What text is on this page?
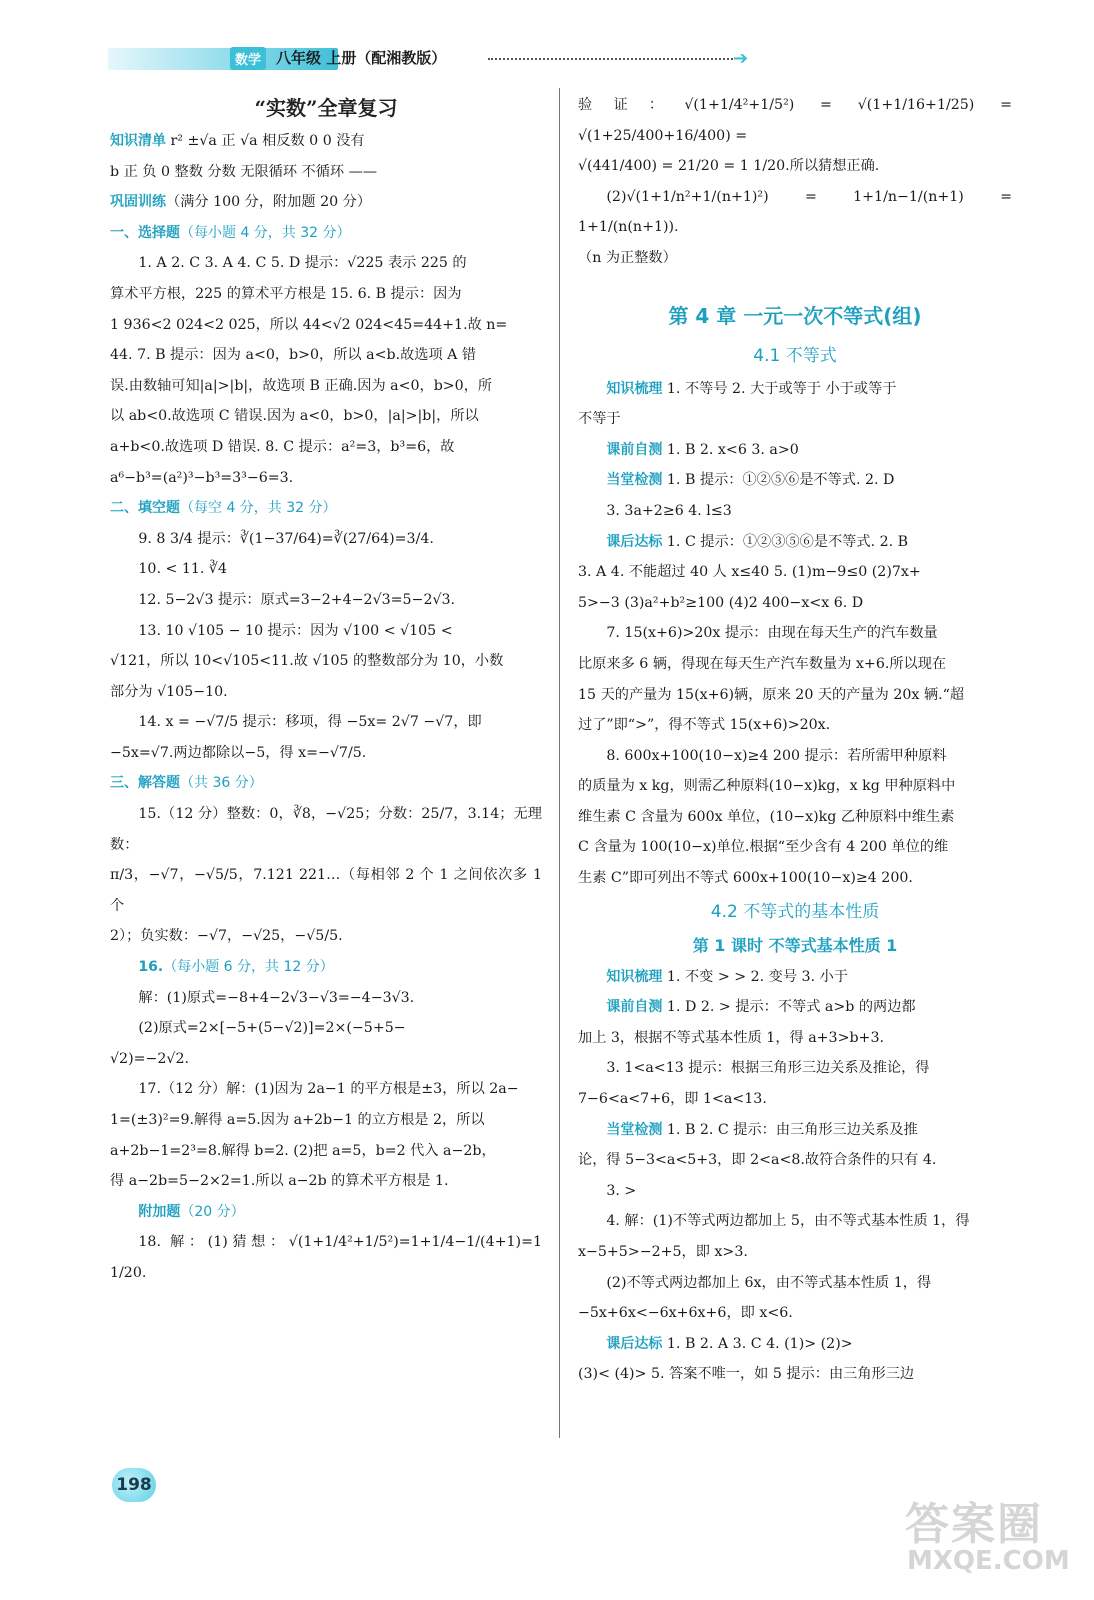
数学 八年级 上册（配湘教版）	➔
“实数”全章复习

知识清单 r² ±√a 正 √a 相反数 0 0 没有

b 正 负 0 整数 分数 无限循环 不循环 ——

巩固训练（满分 100 分，附加题 20 分）

一、选择题（每小题 4 分，共 32 分）

1. A 2. C 3. A 4. C 5. D 提示：√225 表示 225 的

算术平方根，225 的算术平方根是 15. 6. B 提示：因为

1 936<2 024<2 025，所以 44<√2 024<45=44+1.故 n=

44. 7. B 提示：因为 a<0，b>0，所以 a<b.故选项 A 错

误.由数轴可知|a|>|b|，故选项 B 正确.因为 a<0，b>0，所

以 ab<0.故选项 C 错误.因为 a<0，b>0，|a|>|b|，所以

a+b<0.故选项 D 错误. 8. C 提示：a²=3，b³=6，故

a⁶−b³=(a²)³−b³=3³−6=3.

二、填空题（每空 4 分，共 32 分）

9. 8 3/4 提示：∛(1−37/64)=∛(27/64)=3/4.

10. < 11. ∛4

12. 5−2√3 提示：原式=3−2+4−2√3=5−2√3.

13. 10 √105 − 10 提示：因为 √100 < √105 <

√121，所以 10<√105<11.故 √105 的整数部分为 10，小数

部分为 √105−10.

14. x = −√7/5 提示：移项，得 −5x= 2√7 −√7，即

−5x=√7.两边都除以−5，得 x=−√7/5.

三、解答题（共 36 分）

15.（12 分）整数：0，∛8，−√25；分数：25/7，3.14；无理数：

π/3，−√7，−√5/5，7.121 221…（每相邻 2 个 1 之间依次多 1 个

2）；负实数：−√7，−√25，−√5/5.

16.（每小题 6 分，共 12 分）

解：(1)原式=−8+4−2√3−√3=−4−3√3.

(2)原式=2×[−5+(5−√2)]=2×(−5+5−

√2)=−2√2.

17.（12 分）解：(1)因为 2a−1 的平方根是±3，所以 2a−

1=(±3)²=9.解得 a=5.因为 a+2b−1 的立方根是 2，所以

a+2b−1=2³=8.解得 b=2. (2)把 a=5，b=2 代入 a−2b，

得 a−2b=5−2×2=1.所以 a−2b 的算术平方根是 1.

附加题（20 分）

18. 解：(1)猜想：√(1+1/4²+1/5²)=1+1/4−1/(4+1)=1 1/20.

验证：√(1+1/4²+1/5²) = √(1+1/16+1/25) = √(1+25/400+16/400) =

√(441/400) = 21/20 = 1 1/20.所以猜想正确.

(2)√(1+1/n²+1/(n+1)²) = 1+1/n−1/(n+1) = 1+1/(n(n+1)).

（n 为正整数）

第 4 章 一元一次不等式(组)
4.1 不等式

知识梳理 1. 不等号 2. 大于或等于 小于或等于

不等于

课前自测 1. B 2. x<6 3. a>0

当堂检测 1. B 提示：①②⑤⑥是不等式. 2. D

3. 3a+2≥6 4. l≤3

课后达标 1. C 提示：①②③⑤⑥是不等式. 2. B

3. A 4. 不能超过 40 人 x≤40 5. (1)m−9≤0 (2)7x+

5>−3 (3)a²+b²≥100 (4)2 400−x<x 6. D

7. 15(x+6)>20x 提示：由现在每天生产的汽车数量

比原来多 6 辆，得现在每天生产汽车数量为 x+6.所以现在

15 天的产量为 15(x+6)辆，原来 20 天的产量为 20x 辆.“超

过了”即“>”，得不等式 15(x+6)>20x.

8. 600x+100(10−x)≥4 200 提示：若所需甲种原料

的质量为 x kg，则需乙种原料(10−x)kg，x kg 甲种原料中

维生素 C 含量为 600x 单位，(10−x)kg 乙种原料中维生素

C 含量为 100(10−x)单位.根据“至少含有 4 200 单位的维

生素 C”即可列出不等式 600x+100(10−x)≥4 200.

4.2 不等式的基本性质
第 1 课时 不等式基本性质 1

知识梳理 1. 不变 > > 2. 变号 3. 小于

课前自测 1. D 2. > 提示：不等式 a>b 的两边都

加上 3，根据不等式基本性质 1，得 a+3>b+3.

3. 1<a<13 提示：根据三角形三边关系及推论，得

7−6<a<7+6，即 1<a<13.

当堂检测 1. B 2. C 提示：由三角形三边关系及推

论，得 5−3<a<5+3，即 2<a<8.故符合条件的只有 4.

3. >

4. 解：(1)不等式两边都加上 5，由不等式基本性质 1，得

x−5+5>−2+5，即 x>3.

(2)不等式两边都加上 6x，由不等式基本性质 1，得

−5x+6x<−6x+6x+6，即 x<6.

课后达标 1. B 2. A 3. C 4. (1)> (2)>

(3)< (4)> 5. 答案不唯一，如 5 提示：由三角形三边

198
答案圈
MXQE.COM
